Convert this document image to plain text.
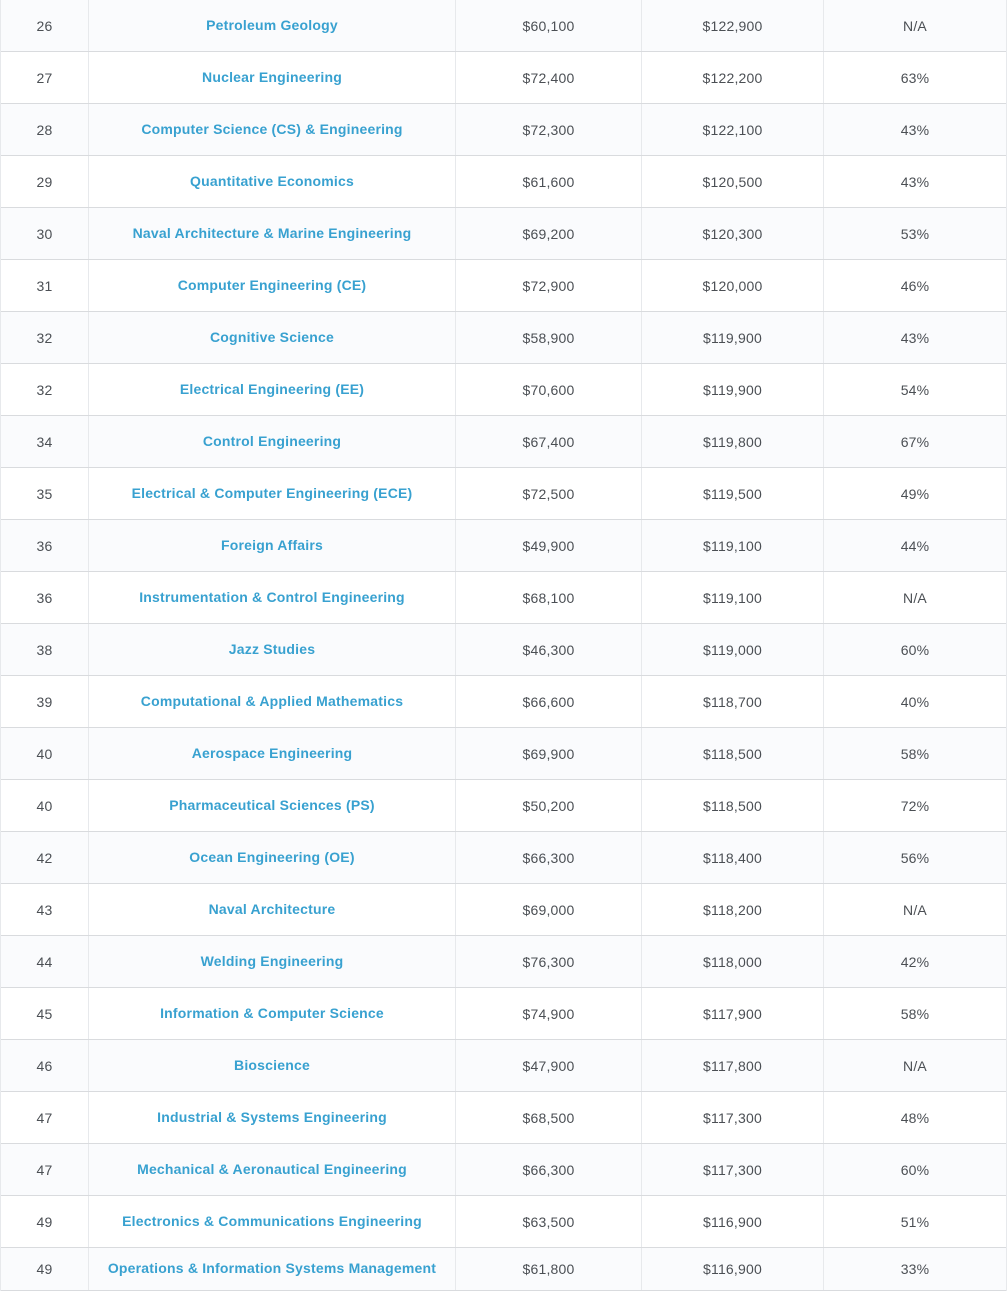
26	Petroleum Geology	$60,100	$122,900	N/A
27	Nuclear Engineering	$72,400	$122,200	63%
28	Computer Science (CS) & Engineering	$72,300	$122,100	43%
29	Quantitative Economics	$61,600	$120,500	43%
30	Naval Architecture & Marine Engineering	$69,200	$120,300	53%
31	Computer Engineering (CE)	$72,900	$120,000	46%
32	Cognitive Science	$58,900	$119,900	43%
32	Electrical Engineering (EE)	$70,600	$119,900	54%
34	Control Engineering	$67,400	$119,800	67%
35	Electrical & Computer Engineering (ECE)	$72,500	$119,500	49%
36	Foreign Affairs	$49,900	$119,100	44%
36	Instrumentation & Control Engineering	$68,100	$119,100	N/A
38	Jazz Studies	$46,300	$119,000	60%
39	Computational & Applied Mathematics	$66,600	$118,700	40%
40	Aerospace Engineering	$69,900	$118,500	58%
40	Pharmaceutical Sciences (PS)	$50,200	$118,500	72%
42	Ocean Engineering (OE)	$66,300	$118,400	56%
43	Naval Architecture	$69,000	$118,200	N/A
44	Welding Engineering	$76,300	$118,000	42%
45	Information & Computer Science	$74,900	$117,900	58%
46	Bioscience	$47,900	$117,800	N/A
47	Industrial & Systems Engineering	$68,500	$117,300	48%
47	Mechanical & Aeronautical Engineering	$66,300	$117,300	60%
49	Electronics & Communications Engineering	$63,500	$116,900	51%
49	Operations & Information Systems Management	$61,800	$116,900	33%
